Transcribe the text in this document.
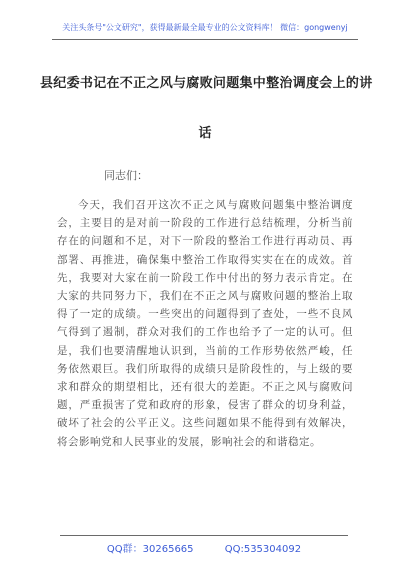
关注头条号"公文研究"，获得最新最全最专业的公文资料库！ 微信：gongwenyj
县纪委书记在不正之风与腐败问题集中整治调度会上的讲
话
同志们：
今天，我们召开这次不正之风与腐败问题集中整治调度会，主要目的是对前一阶段的工作进行总结梳理，分析当前存在的问题和不足，对下一阶段的整治工作进行再动员、再部署、再推进，确保集中整治工作取得实实在在的成效。首先，我要对大家在前一阶段工作中付出的努力表示肯定。在大家的共同努力下，我们在不正之风与腐败问题的整治上取得了一定的成绩。一些突出的问题得到了查处，一些不良风气得到了遏制，群众对我们的工作也给予了一定的认可。但是，我们也要清醒地认识到，当前的工作形势依然严峻，任务依然艰巨。我们所取得的成绩只是阶段性的，与上级的要求和群众的期望相比，还有很大的差距。不正之风与腐败问题，严重损害了党和政府的形象，侵害了群众的切身利益，破坏了社会的公平正义。这些问题如果不能得到有效解决，将会影响党和人民事业的发展，影响社会的和谐稳定。
QQ群：30265665	QQ:535304092
